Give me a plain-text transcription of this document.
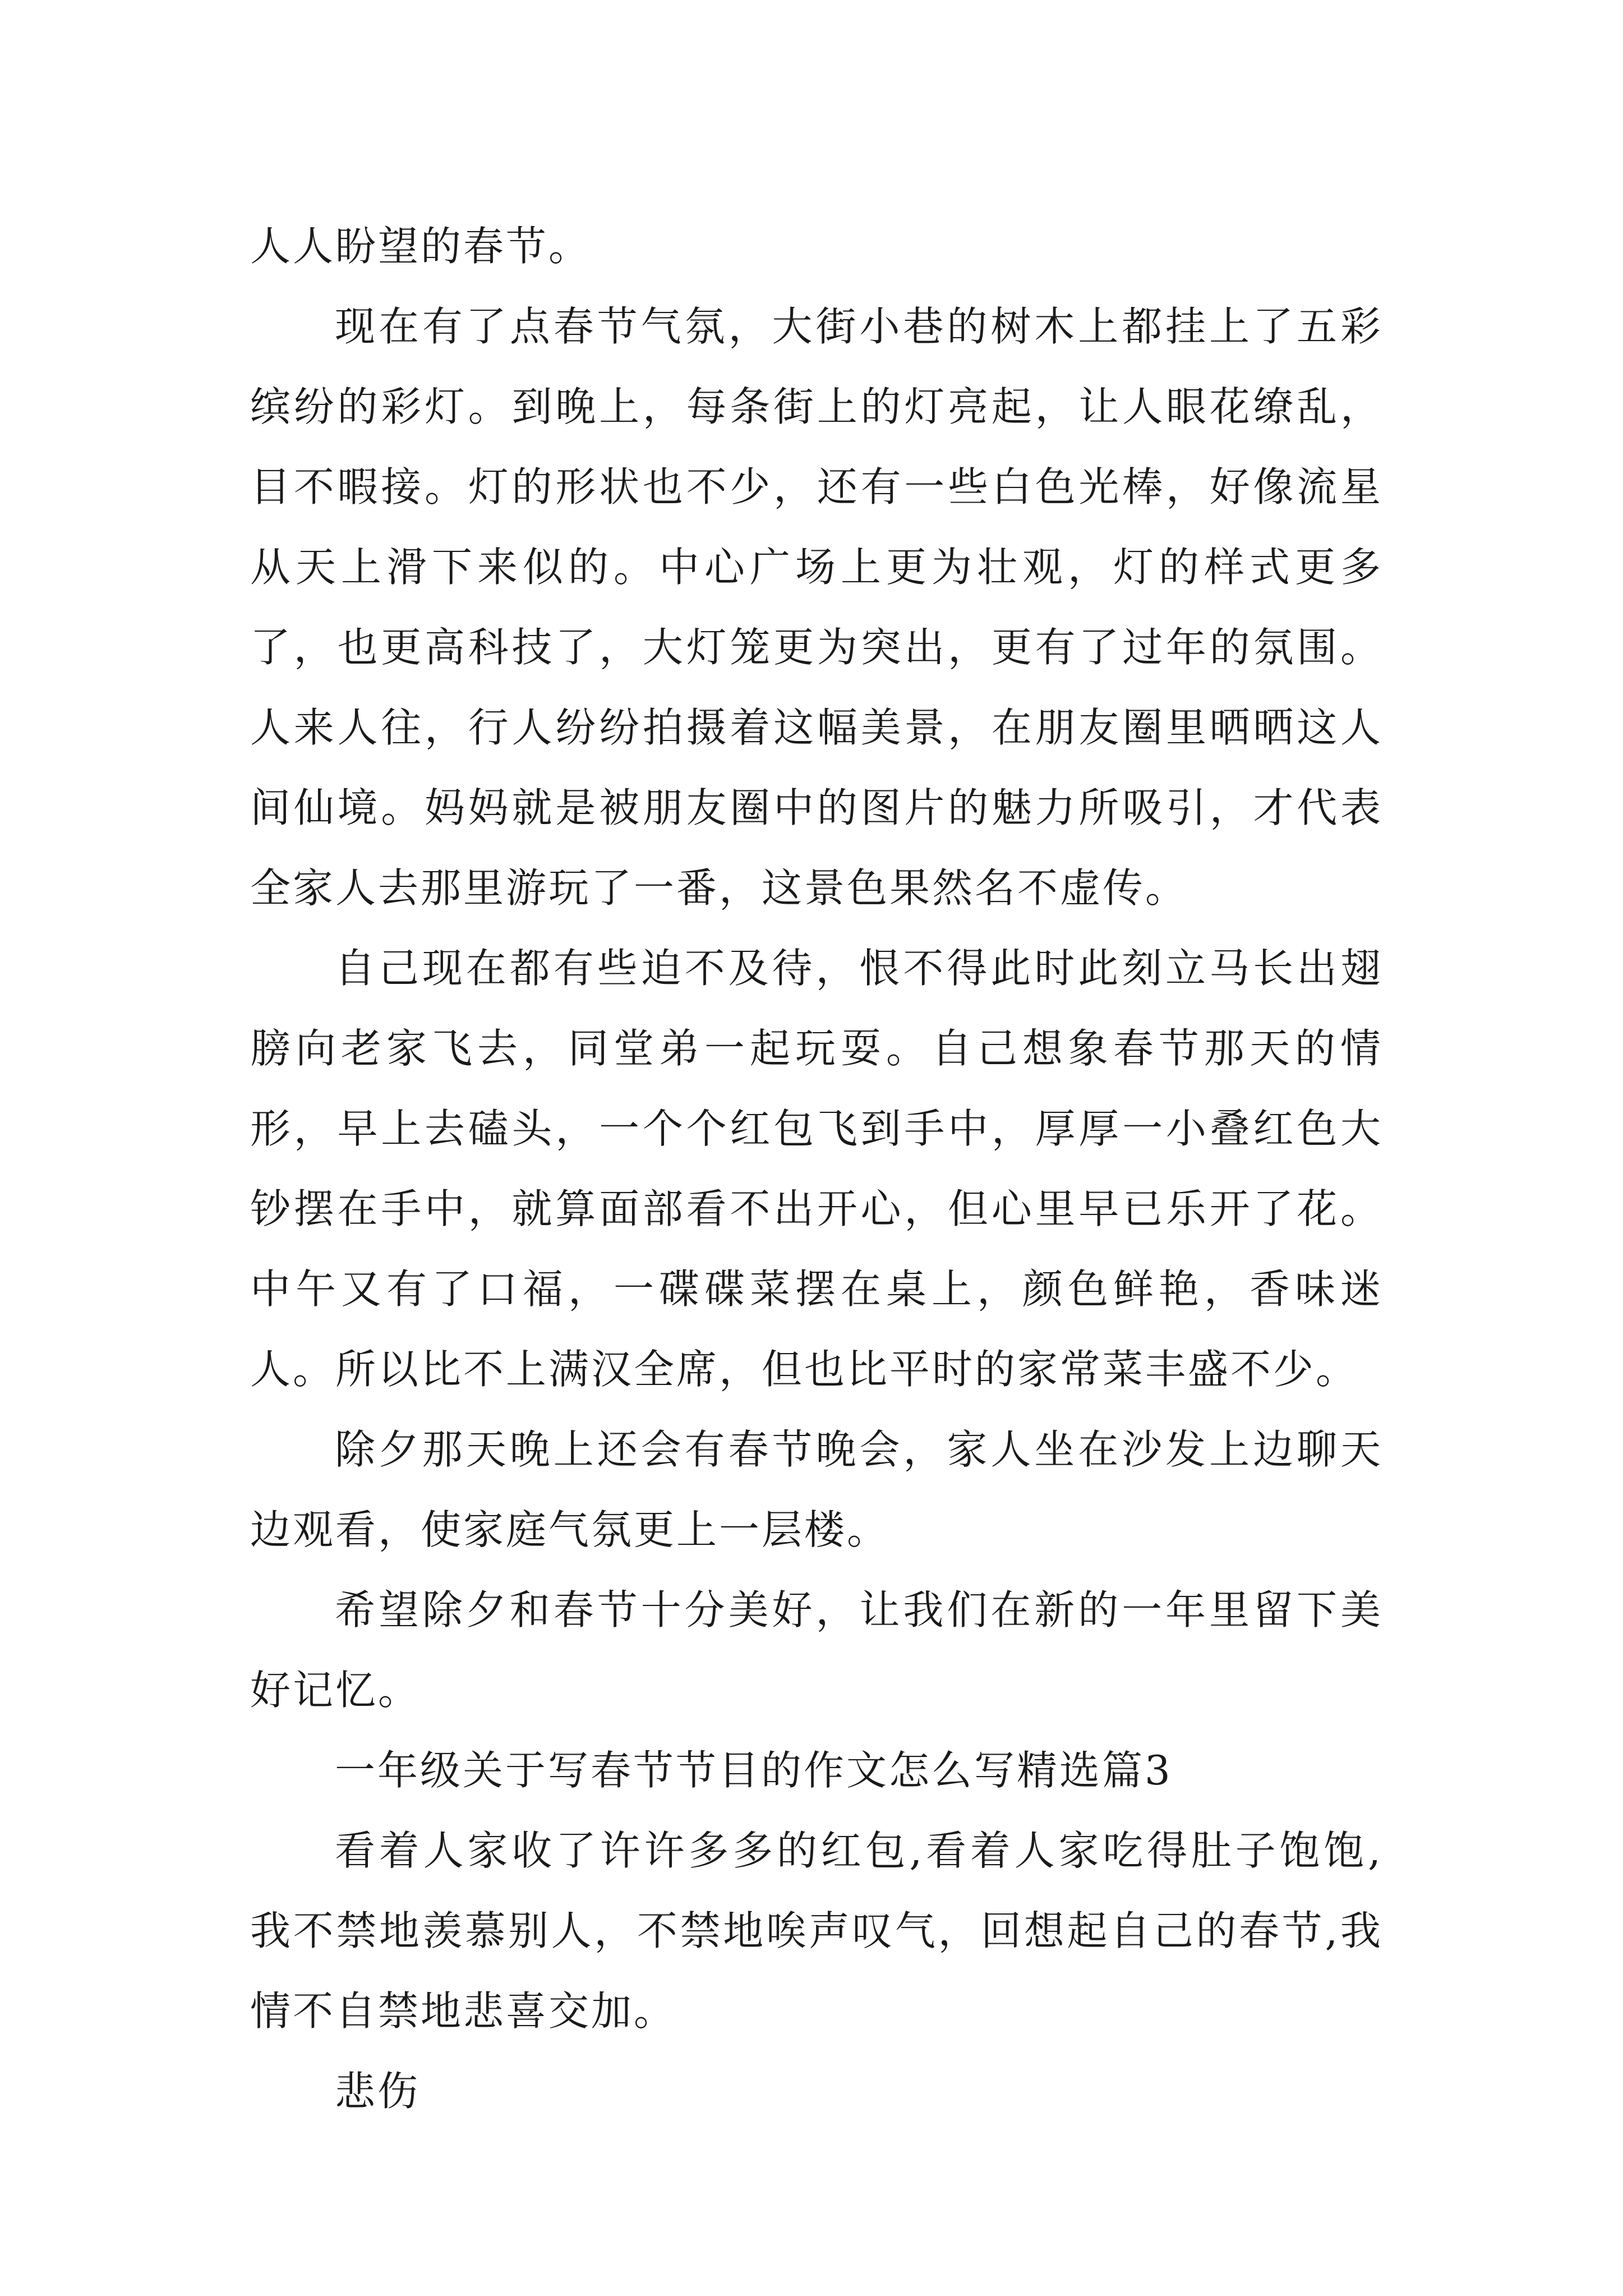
人人盼望的春节。

现在有了点春节气氛，大街小巷的树木上都挂上了五彩缤纷的彩灯。到晚上，每条街上的灯亮起，让人眼花缭乱，目不暇接。灯的形状也不少，还有一些白色光棒，好像流星从天上滑下来似的。中心广场上更为壮观，灯的样式更多了，也更高科技了，大灯笼更为突出，更有了过年的氛围。人来人往，行人纷纷拍摄着这幅美景，在朋友圈里晒晒这人间仙境。妈妈就是被朋友圈中的图片的魅力所吸引，才代表全家人去那里游玩了一番，这景色果然名不虚传。

自己现在都有些迫不及待，恨不得此时此刻立马长出翅膀向老家飞去，同堂弟一起玩耍。自己想象春节那天的情形，早上去磕头，一个个红包飞到手中，厚厚一小叠红色大钞摆在手中，就算面部看不出开心，但心里早已乐开了花。中午又有了口福，一碟碟菜摆在桌上，颜色鲜艳，香味迷人。所以比不上满汉全席，但也比平时的家常菜丰盛不少。

除夕那天晚上还会有春节晚会，家人坐在沙发上边聊天边观看，使家庭气氛更上一层楼。

希望除夕和春节十分美好，让我们在新的一年里留下美好记忆。

一年级关于写春节节目的作文怎么写精选篇3

看着人家收了许许多多的红包,看着人家吃得肚子饱饱,我不禁地羡慕别人，不禁地唉声叹气，回想起自己的春节,我情不自禁地悲喜交加。

悲伤
